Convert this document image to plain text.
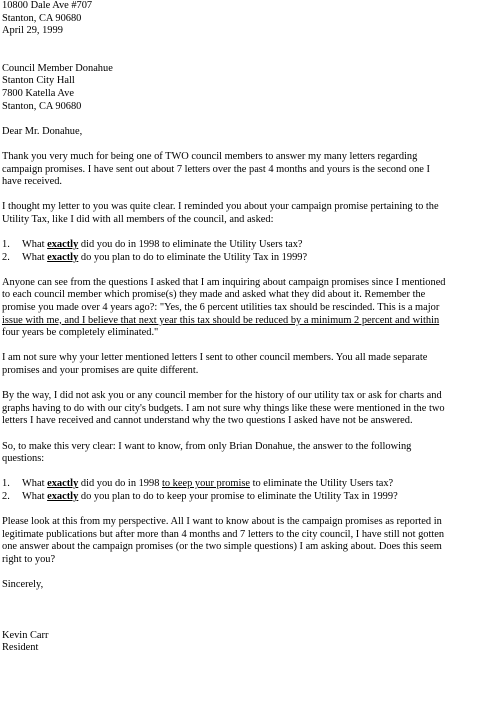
10800 Dale Ave #707
Stanton, CA 90680
April 29, 1999
Council Member Donahue
Stanton City Hall
7800 Katella Ave
Stanton, CA 90680
Dear Mr. Donahue,
Thank you very much for being one of TWO council members to answer my many letters regarding
campaign promises. I have sent out about 7 letters over the past 4 months and yours is the second one I
have received.
I thought my letter to you was quite clear. I reminded you about your campaign promise pertaining to the
Utility Tax, like I did with all members of the council, and asked:
1. What exactly did you do in 1998 to eliminate the Utility Users tax?
2. What exactly do you plan to do to eliminate the Utility Tax in 1999?
Anyone can see from the questions I asked that I am inquiring about campaign promises since I mentioned
to each council member which promise(s) they made and asked what they did about it. Remember the
promise you made over 4 years ago?: "Yes, the 6 percent utilities tax should be rescinded. This is a major
issue with me, and I believe that next year this tax should be reduced by a minimum 2 percent and within
four years be completely eliminated."
I am not sure why your letter mentioned letters I sent to other council members. You all made separate
promises and your promises are quite different.
By the way, I did not ask you or any council member for the history of our utility tax or ask for charts and
graphs having to do with our city's budgets. I am not sure why things like these were mentioned in the two
letters I have received and cannot understand why the two questions I asked have not be answered.
So, to make this very clear: I want to know, from only Brian Donahue, the answer to the following
questions:
1. What exactly did you do in 1998 to keep your promise to eliminate the Utility Users tax?
2. What exactly do you plan to do to keep your promise to eliminate the Utility Tax in 1999?
Please look at this from my perspective. All I want to know about is the campaign promises as reported in
legitimate publications but after more than 4 months and 7 letters to the city council, I have still not gotten
one answer about the campaign promises (or the two simple questions) I am asking about. Does this seem
right to you?
Sincerely,
Kevin Carr
Resident
